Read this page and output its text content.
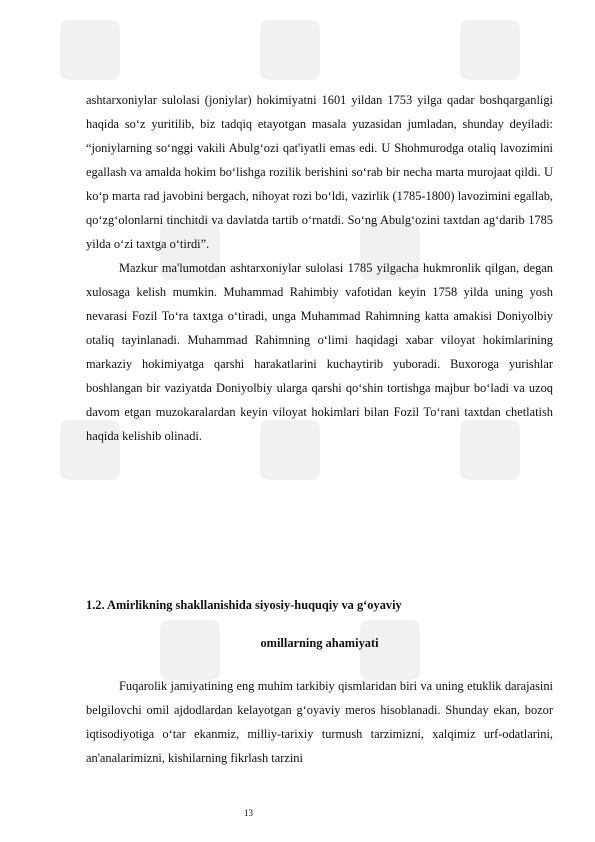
ashtarxoniylar sulolasi (joniylar) hokimiyatni 1601 yildan 1753 yilga qadar boshqarganligi haqida so‘z yuritilib, biz tadqiq etayotgan masala yuzasidan jumladan, shunday deyiladi: “joniylarning so‘nggi vakili Abulg‘ozi qat'iyatli emas edi. U Shohmurodga otaliq lavozimini egallash va amalda hokim bo‘lishga rozilik berishini so‘rab bir necha marta murojaat qildi. U ko‘p marta rad javobini bergach, nihoyat rozi bo‘ldi, vazirlik (1785-1800) lavozimini egallab, qo‘zg‘olonlarni tinchitdi va davlatda tartib o‘rnatdi. So‘ng Abulg‘ozini taxtdan ag‘darib 1785 yilda o‘zi taxtga o‘tirdi”.

Mazkur ma'lumotdan ashtarxoniylar sulolasi 1785 yilgacha hukmronlik qilgan, degan xulosaga kelish mumkin. Muhammad Rahimbiy vafotidan keyin 1758 yilda uning yosh nevarasi Fozil To‘ra taxtga o‘tiradi, unga Muhammad Rahimning katta amakisi Doniyolbiy otaliq tayinlanadi. Muhammad Rahimning o‘limi haqidagi xabar viloyat hokimlarining markaziy hokimiyatga qarshi harakatlarini kuchaytirib yuboradi. Buxoroga yurishlar boshlangan bir vaziyatda Doniyolbiy ularga qarshi qo‘shin tortishga majbur bo‘ladi va uzoq davom etgan muzokaralardan keyin viloyat hokimlari bilan Fozil To‘rani taxtdan chetlatish haqida kelishib olinadi.

1.2. Amirlikning shakllanishida siyosiy-huquqiy va g‘oyaviy
omillarning ahamiyati

Fuqarolik jamiyatining eng muhim tarkibiy qismlaridan biri va uning etuklik darajasini belgilovchi omil ajdodlardan kelayotgan g‘oyaviy meros hisoblanadi. Shunday ekan, bozor iqtisodiyotiga o‘tar ekanmiz, milliy-tarixiy turmush tarzimizni, xalqimiz urf-odatlarini, an'analarimizni, kishilarning fikrlash tarzini

13
